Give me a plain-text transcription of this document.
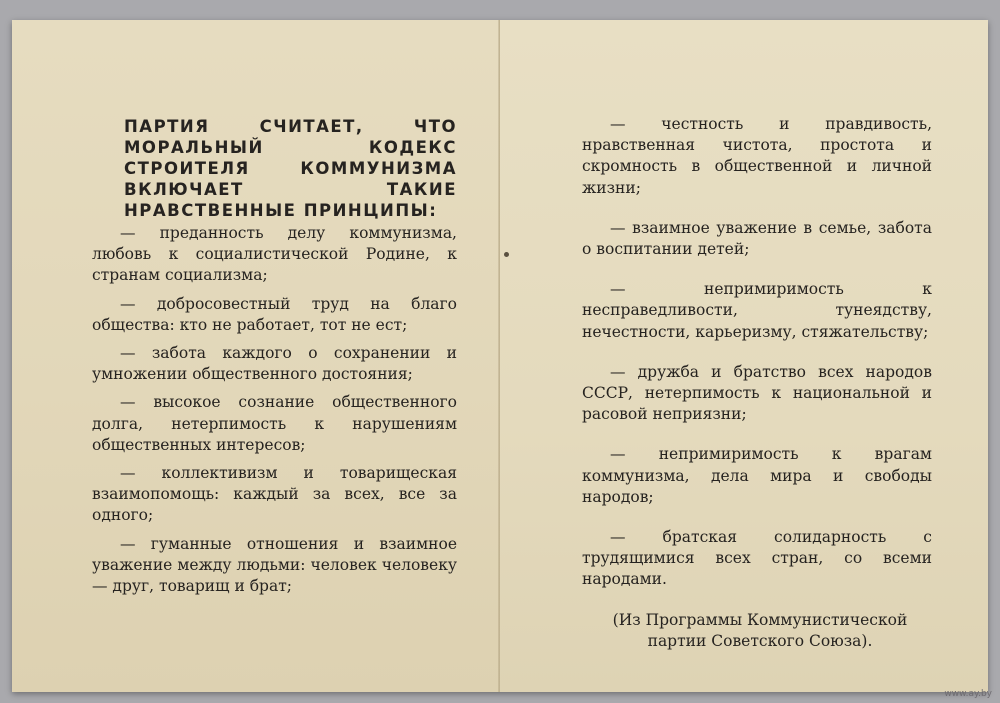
ПАРТИЯ СЧИТАЕТ, ЧТО МОРАЛЬНЫЙ КОДЕКС СТРОИТЕЛЯ КОММУНИЗМА ВКЛЮЧАЕТ ТАКИЕ НРАВСТВЕННЫЕ ПРИНЦИПЫ:
— преданность делу коммунизма, любовь к социалистической Родине, к странам социализма;
— добросовестный труд на благо общества: кто не работает, тот не ест;
— забота каждого о сохранении и умножении общественного достояния;
— высокое сознание общественного долга, нетерпимость к нарушениям общественных интересов;
— коллективизм и товарищеская взаимопомощь: каждый за всех, все за одного;
— гуманные отношения и взаимное уважение между людьми: человек человеку — друг, товарищ и брат;
— честность и правдивость, нравственная чистота, простота и скромность в общественной и личной жизни;
— взаимное уважение в семье, забота о воспитании детей;
— непримиримость к несправедливости, тунеядству, нечестности, карьеризму, стяжательству;
— дружба и братство всех народов СССР, нетерпимость к национальной и расовой неприязни;
— непримиримость к врагам коммунизма, дела мира и свободы народов;
— братская солидарность с трудящимися всех стран, со всеми народами.
(Из Программы Коммунистической партии Советского Союза).
www.ay.by
